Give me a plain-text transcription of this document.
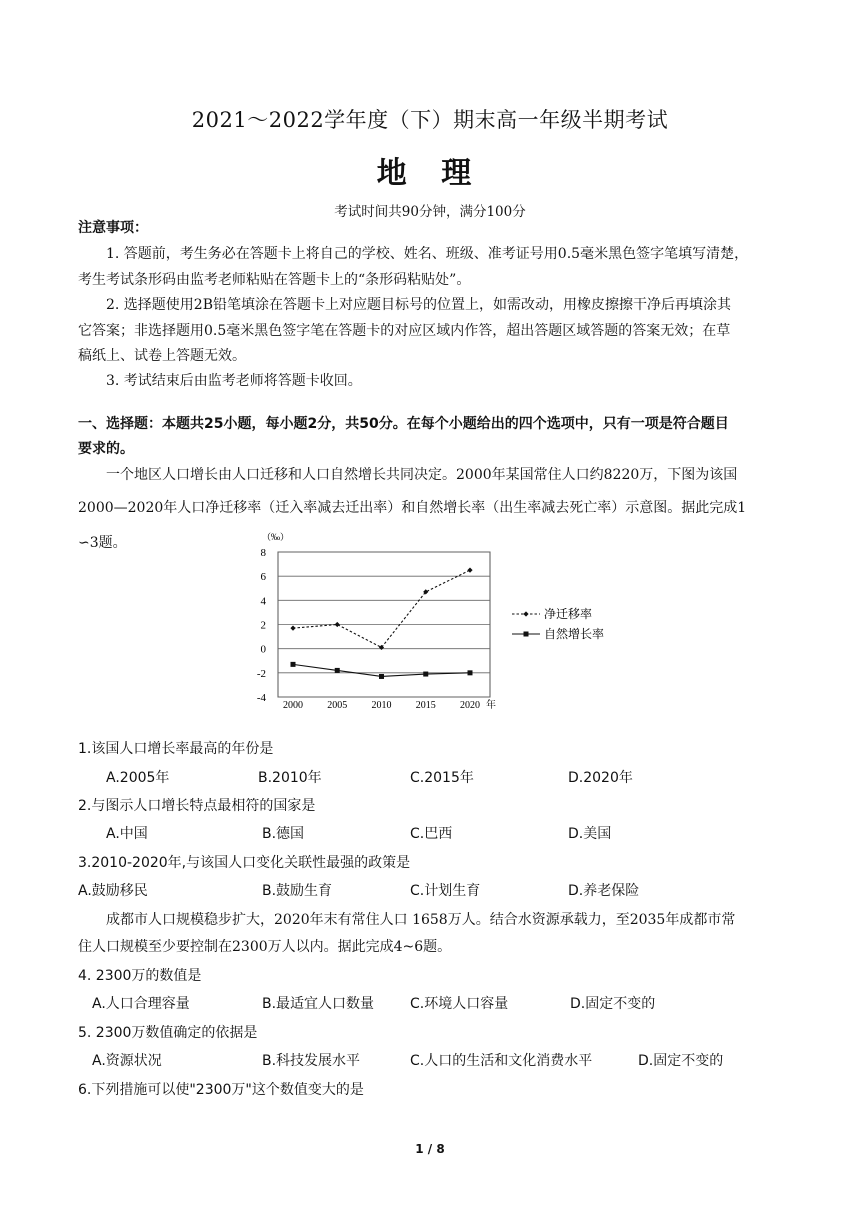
2021～2022学年度（下）期末高一年级半期考试
地 理
考试时间共90分钟，满分100分
注意事项：
1. 答题前，考生务必在答题卡上将自己的学校、姓名、班级、准考证号用0.5毫米黑色签字笔填写清楚，
考生考试条形码由监考老师粘贴在答题卡上的“条形码粘贴处”。
2. 选择题使用2B铅笔填涂在答题卡上对应题目标号的位置上，如需改动，用橡皮擦擦干净后再填涂其
它答案；非选择题用0.5毫米黑色签字笔在答题卡的对应区域内作答，超出答题区域答题的答案无效；在草
稿纸上、试卷上答题无效。
3. 考试结束后由监考老师将答题卡收回。
一、选择题：本题共25小题，每小题2分，共50分。在每个小题给出的四个选项中，只有一项是符合题目
要求的。
一个地区人口增长由人口迁移和人口自然增长共同决定。2000年某国常住人口约8220万，下图为该国
2000—2020年人口净迁移率（迁入率减去迁出率）和自然增长率（出生率减去死亡率）示意图。据此完成1
∽3题。	（‰）
8
6
4
2
0
-2
-4
2000 2005 2010 2015 2020 年
净迁移率
自然增长率
1.该国人口增长率最高的年份是
A.2005年	B.2010年	C.2015年	D.2020年
2.与图示人口增长特点最相符的国家是
A.中国	B.德国	C.巴西	D.美国
3.2010-2020年,与该国人口变化关联性最强的政策是
A.鼓励移民	B.鼓励生育	C.计划生育	D.养老保险
成都市人口规模稳步扩大，2020年末有常住人口 1658万人。结合水资源承载力，至2035年成都市常
住人口规模至少要控制在2300万人以内。据此完成4~6题。
4. 2300万的数值是
A.人口合理容量	B.最适宜人口数量	C.环境人口容量	D.固定不变的
5. 2300万数值确定的依据是
A.资源状况	B.科技发展水平	C.人口的生活和文化消费水平	D.固定不变的
6.下列措施可以使"2300万"这个数值变大的是
1 / 8
